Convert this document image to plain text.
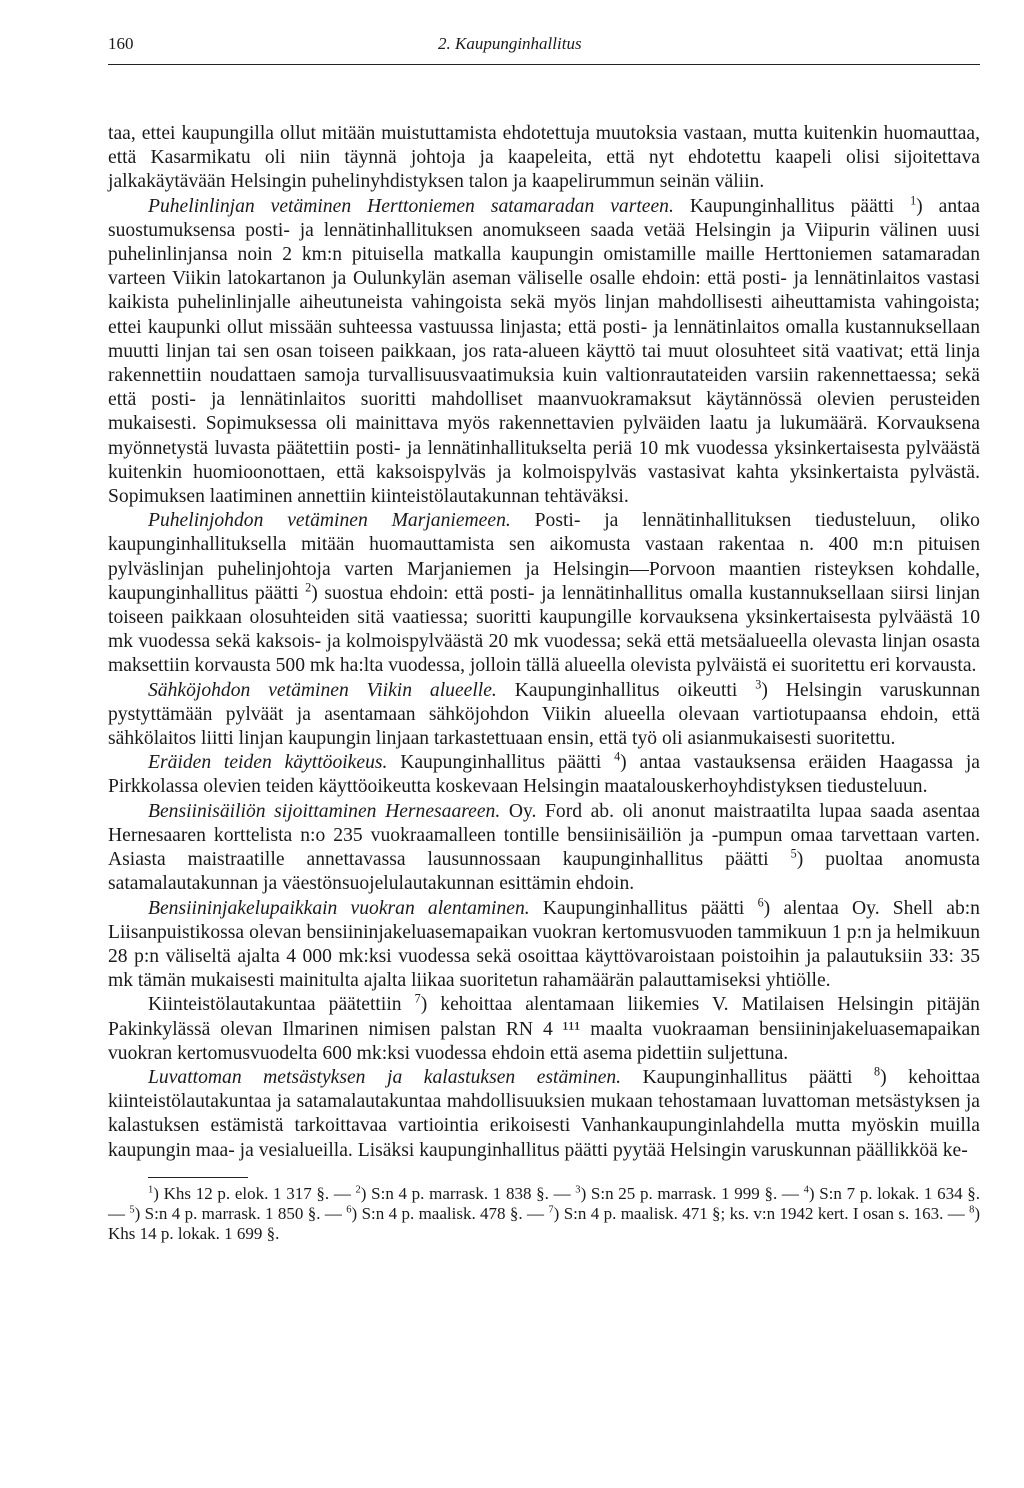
160	2. Kaupunginhallitus

taa, ettei kaupungilla ollut mitään muistuttamista ehdotettuja muutoksia vastaan, mutta kuitenkin huomauttaa, että Kasarmikatu oli niin täynnä johtoja ja kaapeleita, että nyt ehdotettu kaapeli olisi sijoitettava jalkakäytävään Helsingin puhelinyhdistyksen talon ja kaapelirummun seinän väliin.

Puhelinlinjan vetäminen Herttoniemen satamaradan varteen. Kaupunginhallitus päätti $^1$) antaa suostumuksensa posti- ja lennätinhallituksen anomukseen saada vetää Helsingin ja Viipurin välinen uusi puhelinlinjansa noin 2 km:n pituisella matkalla kaupungin omistamille maille Herttoniemen satamaradan varteen Viikin latokartanon ja Oulunkylän aseman väliselle osalle ehdoin: että posti- ja lennätinlaitos vastasi kaikista puhelinlinjalle aiheutuneista vahingoista sekä myös linjan mahdollisesti aiheuttamista vahingoista; ettei kaupunki ollut missään suhteessa vastuussa linjasta; että posti- ja lennätinlaitos omalla kustannuksellaan muutti linjan tai sen osan toiseen paikkaan, jos rata-alueen käyttö tai muut olosuhteet sitä vaativat; että linja rakennettiin noudattaen samoja turvallisuusvaatimuksia kuin valtionrautateiden varsiin rakennettaessa; sekä että posti- ja lennätinlaitos suoritti mahdolliset maanvuokramaksut käytännössä olevien perusteiden mukaisesti. Sopimuksessa oli mainittava myös rakennettavien pylväiden laatu ja lukumäärä. Korvauksena myönnetystä luvasta päätettiin posti- ja lennätinhallitukselta periä 10 mk vuodessa yksinkertaisesta pylväästä kuitenkin huomioonottaen, että kaksoispylväs ja kolmoispylväs vastasivat kahta yksinkertaista pylvästä. Sopimuksen laatiminen annettiin kiinteistölautakunnan tehtäväksi.

Puhelinjohdon vetäminen Marjaniemeen. Posti- ja lennätinhallituksen tiedusteluun, oliko kaupunginhallituksella mitään huomauttamista sen aikomusta vastaan rakentaa n. 400 m:n pituisen pylväslinjan puhelinjohtoja varten Marjaniemen ja Helsingin—Porvoon maantien risteyksen kohdalle, kaupunginhallitus päätti $^2$) suostua ehdoin: että posti- ja lennätinhallitus omalla kustannuksellaan siirsi linjan toiseen paikkaan olosuhteiden sitä vaatiessa; suoritti kaupungille korvauksena yksinkertaisesta pylväästä 10 mk vuodessa sekä kaksois- ja kolmoispylväästä 20 mk vuodessa; sekä että metsäalueella olevasta linjan osasta maksettiin korvausta 500 mk ha:lta vuodessa, jolloin tällä alueella olevista pylväistä ei suoritettu eri korvausta.

Sähköjohdon vetäminen Viikin alueelle. Kaupunginhallitus oikeutti $^3$) Helsingin varuskunnan pystyttämään pylväät ja asentamaan sähköjohdon Viikin alueella olevaan vartiotupaansa ehdoin, että sähkölaitos liitti linjan kaupungin linjaan tarkastettuaan ensin, että työ oli asianmukaisesti suoritettu.

Eräiden teiden käyttöoikeus. Kaupunginhallitus päätti $^4$) antaa vastauksensa eräiden Haagassa ja Pirkkolassa olevien teiden käyttöoikeutta koskevaan Helsingin maatalouskerhoyhdistyksen tiedusteluun.

Bensiinisäiliön sijoittaminen Hernesaareen. Oy. Ford ab. oli anonut maistraatilta lupaa saada asentaa Hernesaaren korttelista n:o 235 vuokraamalleen tontille bensiinisäiliön ja -pumpun omaa tarvettaan varten. Asiasta maistraatille annettavassa lausunnossaan kaupunginhallitus päätti $^5$) puoltaa anomusta satamalautakunnan ja väestönsuojelulautakunnan esittämin ehdoin.

Bensiininjakelupaikkain vuokran alentaminen. Kaupunginhallitus päätti $^6$) alentaa Oy. Shell ab:n Liisanpuistikossa olevan bensiininjakeluasemapaikan vuokran kertomusvuoden tammikuun 1 p:n ja helmikuun 28 p:n väliseltä ajalta 4 000 mk:ksi vuodessa sekä osoittaa käyttövaroistaan poistoihin ja palautuksiin 33: 35 mk tämän mukaisesti mainitulta ajalta liikaa suoritetun rahamäärän palauttamiseksi yhtiölle.

Kiinteistölautakuntaa päätettiin $^7$) kehoittaa alentamaan liikemies V. Matilaisen Helsingin pitäjän Pakinkylässä olevan Ilmarinen nimisen palstan RN 4 ¹¹¹ maalta vuokraaman bensiininjakeluasemapaikan vuokran kertomusvuodelta 600 mk:ksi vuodessa ehdoin että asema pidettiin suljettuna.

Luvattoman metsästyksen ja kalastuksen estäminen. Kaupunginhallitus päätti $^8$) kehoittaa kiinteistölautakuntaa ja satamalautakuntaa mahdollisuuksien mukaan tehostamaan luvattoman metsästyksen ja kalastuksen estämistä tarkoittavaa vartiointia erikoisesti Vanhankaupunginlahdella mutta myöskin muilla kaupungin maa- ja vesialueilla. Lisäksi kaupunginhallitus päätti pyytää Helsingin varuskunnan päällikköä ke-

$^1$) Khs 12 p. elok. 1 317 §. — $^2$) S:n 4 p. marrask. 1 838 §. — $^3$) S:n 25 p. marrask. 1 999 §. — $^4$) S:n 7 p. lokak. 1 634 §. — $^5$) S:n 4 p. marrask. 1 850 §. — $^6$) S:n 4 p. maalisk. 478 §. — $^7$) S:n 4 p. maalisk. 471 §; ks. v:n 1942 kert. I osan s. 163. — $^8$) Khs 14 p. lokak. 1 699 §.
